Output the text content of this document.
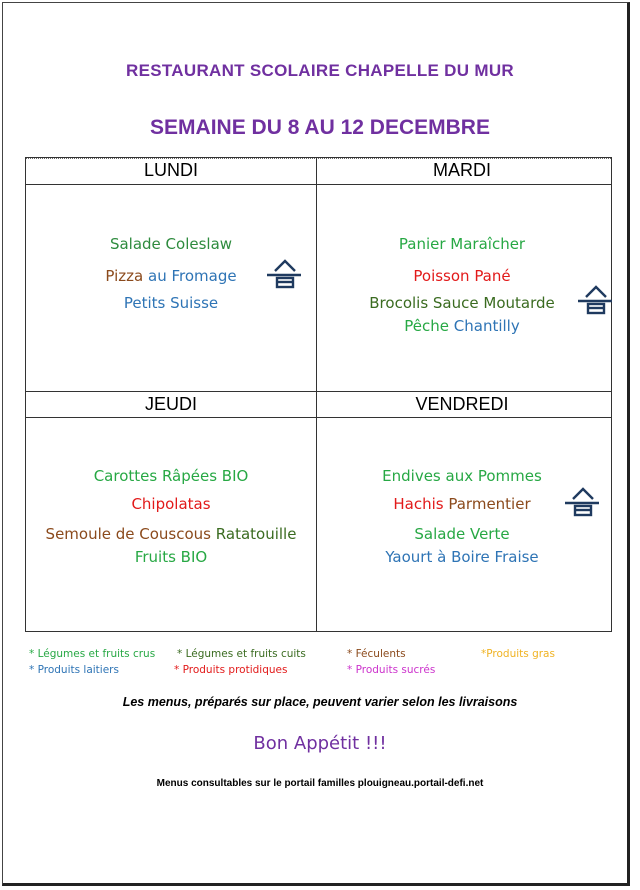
RESTAURANT SCOLAIRE CHAPELLE DU MUR
SEMAINE DU 8 AU 12 DECEMBRE
LUNDI
Salade Coleslaw
Pizza au Fromage
Petits Suisse
MARDI
Panier Maraîcher
Poisson Pané
Brocolis Sauce Moutarde
Pêche Chantilly
JEUDI
Carottes Râpées BIO
Chipolatas
Semoule de Couscous Ratatouille
Fruits BIO
VENDREDI
Endives aux Pommes
Hachis Parmentier
Salade Verte
Yaourt à Boire Fraise
* Légumes et fruits crus * Légumes et fruits cuits	* Féculents	*Produits gras
* Produits laitiers	* Produits protidiques	* Produits sucrés
Les menus, préparés sur place, peuvent varier selon les livraisons
Bon Appétit !!!
Menus consultables sur le portail familles plouigneau.portail-defi.net
